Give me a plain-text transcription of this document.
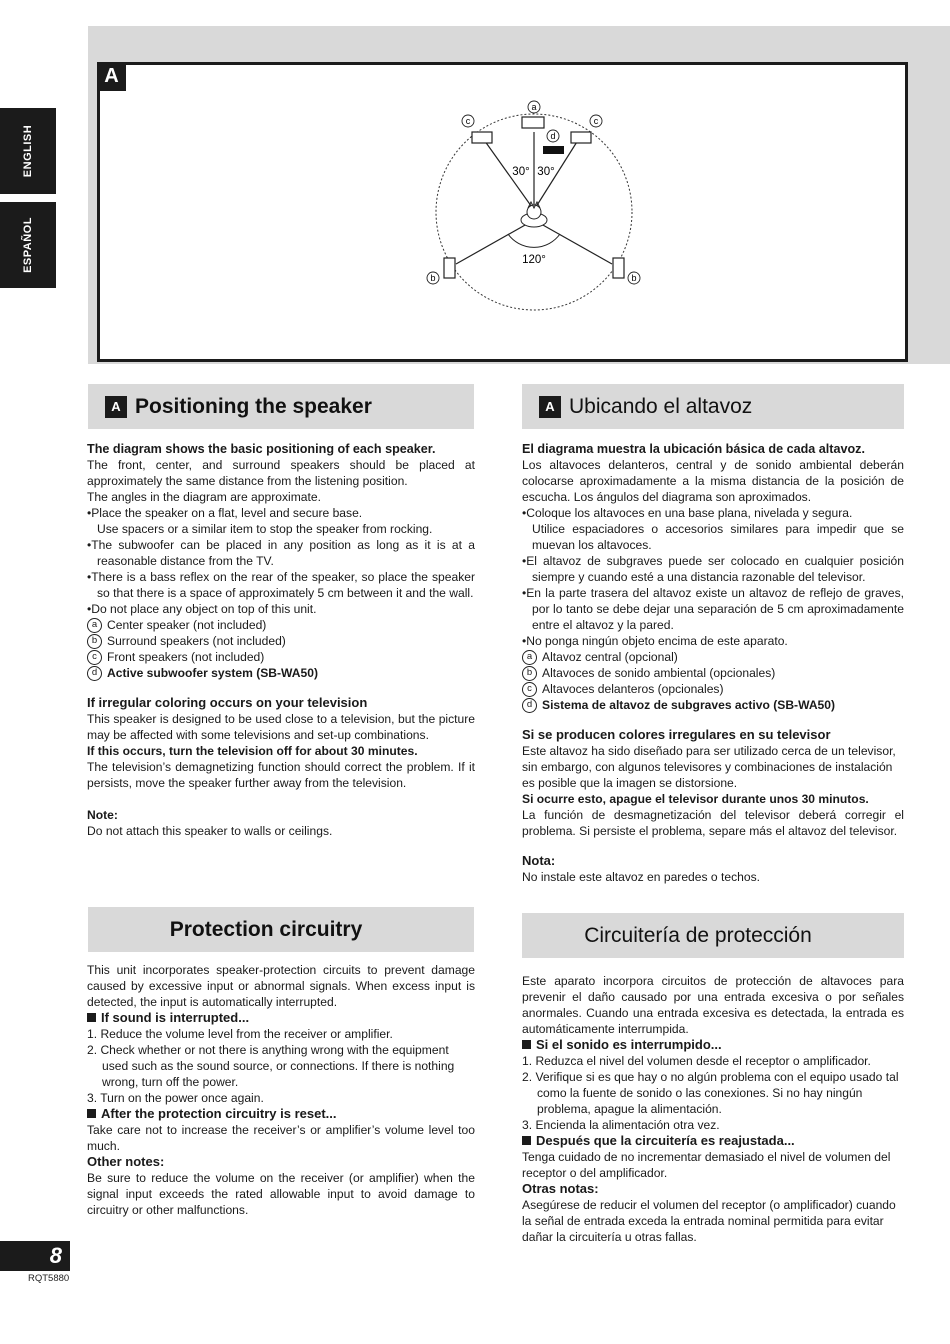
ENGLISH
ESPAÑOL
A
a
c	c
d
b	b
30° 30°
120°
A Positioning the speaker

The diagram shows the basic positioning of each speaker.

The front, center, and surround speakers should be placed at approximately the same distance from the listening position.

The angles in the diagram are approximate.

• Place the speaker on a flat, level and secure base.

Use spacers or a similar item to stop the speaker from rocking.

• The subwoofer can be placed in any position as long as it is at a reasonable distance from the TV.

• There is a bass reflex on the rear of the speaker, so place the speaker so that there is a space of approximately 5 cm between it and the wall.

• Do not place any object on top of this unit.

a Center speaker (not included)
b Surround speakers (not included)
c Front speakers (not included)
d Active subwoofer system (SB-WA50)

If irregular coloring occurs on your television

This speaker is designed to be used close to a television, but the picture may be affected with some televisions and set-up combinations.

If this occurs, turn the television off for about 30 minutes.

The television’s demagnetizing function should correct the problem. If it persists, move the speaker further away from the television.

Note:

Do not attach this speaker to walls or ceilings.

A Ubicando el altavoz

El diagrama muestra la ubicación básica de cada altavoz.

Los altavoces delanteros, central y de sonido ambiental deberán colocarse aproximadamente a la misma distancia de la posición de escucha. Los ángulos del diagrama son aproximados.

• Coloque los altavoces en una base plana, nivelada y segura.

Utilice espaciadores o accesorios similares para impedir que se muevan los altavoces.

• El altavoz de subgraves puede ser colocado en cualquier posición siempre y cuando esté a una distancia razonable del televisor.

• En la parte trasera del altavoz existe un altavoz de reflejo de graves, por lo tanto se debe dejar una separación de 5 cm aproximadamente entre el altavoz y la pared.

• No ponga ningún objeto encima de este aparato.

a Altavoz central (opcional)
b Altavoces de sonido ambiental (opcionales)
c Altavoces delanteros (opcionales)
d Sistema de altavoz de subgraves activo (SB-WA50)

Si se producen colores irregulares en su televisor

Este altavoz ha sido diseñado para ser utilizado cerca de un televisor, sin embargo, con algunos televisores y combinaciones de instalación es posible que la imagen se distorsione.

Si ocurre esto, apague el televisor durante unos 30 minutos.

La función de desmagnetización del televisor deberá corregir el problema. Si persiste el problema, separe más el altavoz del televisor.

Nota:

No instale este altavoz en paredes o techos.

Protection circuitry

This unit incorporates speaker-protection circuits to prevent damage caused by excessive input or abnormal signals. When excess input is detected, the input is automatically interrupted.

If sound is interrupted...

1. Reduce the volume level from the receiver or amplifier.

2. Check whether or not there is anything wrong with the equipment used such as the sound source, or connections. If there is nothing wrong, turn off the power.

3. Turn on the power once again.

After the protection circuitry is reset...

Take care not to increase the receiver’s or amplifier’s volume level too much.

Other notes:

Be sure to reduce the volume on the receiver (or amplifier) when the signal input exceeds the rated allowable input to avoid damage to circuitry or other malfunctions.

Circuitería de protección

Este aparato incorpora circuitos de protección de altavoces para prevenir el daño causado por una entrada excesiva o por señales anormales. Cuando una entrada excesiva es detectada, la entrada es automáticamente interrumpida.

Si el sonido es interrumpido...

1. Reduzca el nivel del volumen desde el receptor o amplificador.

2. Verifique si es que hay o no algún problema con el equipo usado tal como la fuente de sonido o las conexiones. Si no hay ningún problema, apague la alimentación.

3. Encienda la alimentación otra vez.

Después que la circuitería es reajustada...

Tenga cuidado de no incrementar demasiado el nivel de volumen del receptor o del amplificador.

Otras notas:

Asegúrese de reducir el volumen del receptor (o amplificador) cuando la señal de entrada exceda la entrada nominal permitida para evitar dañar la circuitería u otras fallas.

8
RQT5880
